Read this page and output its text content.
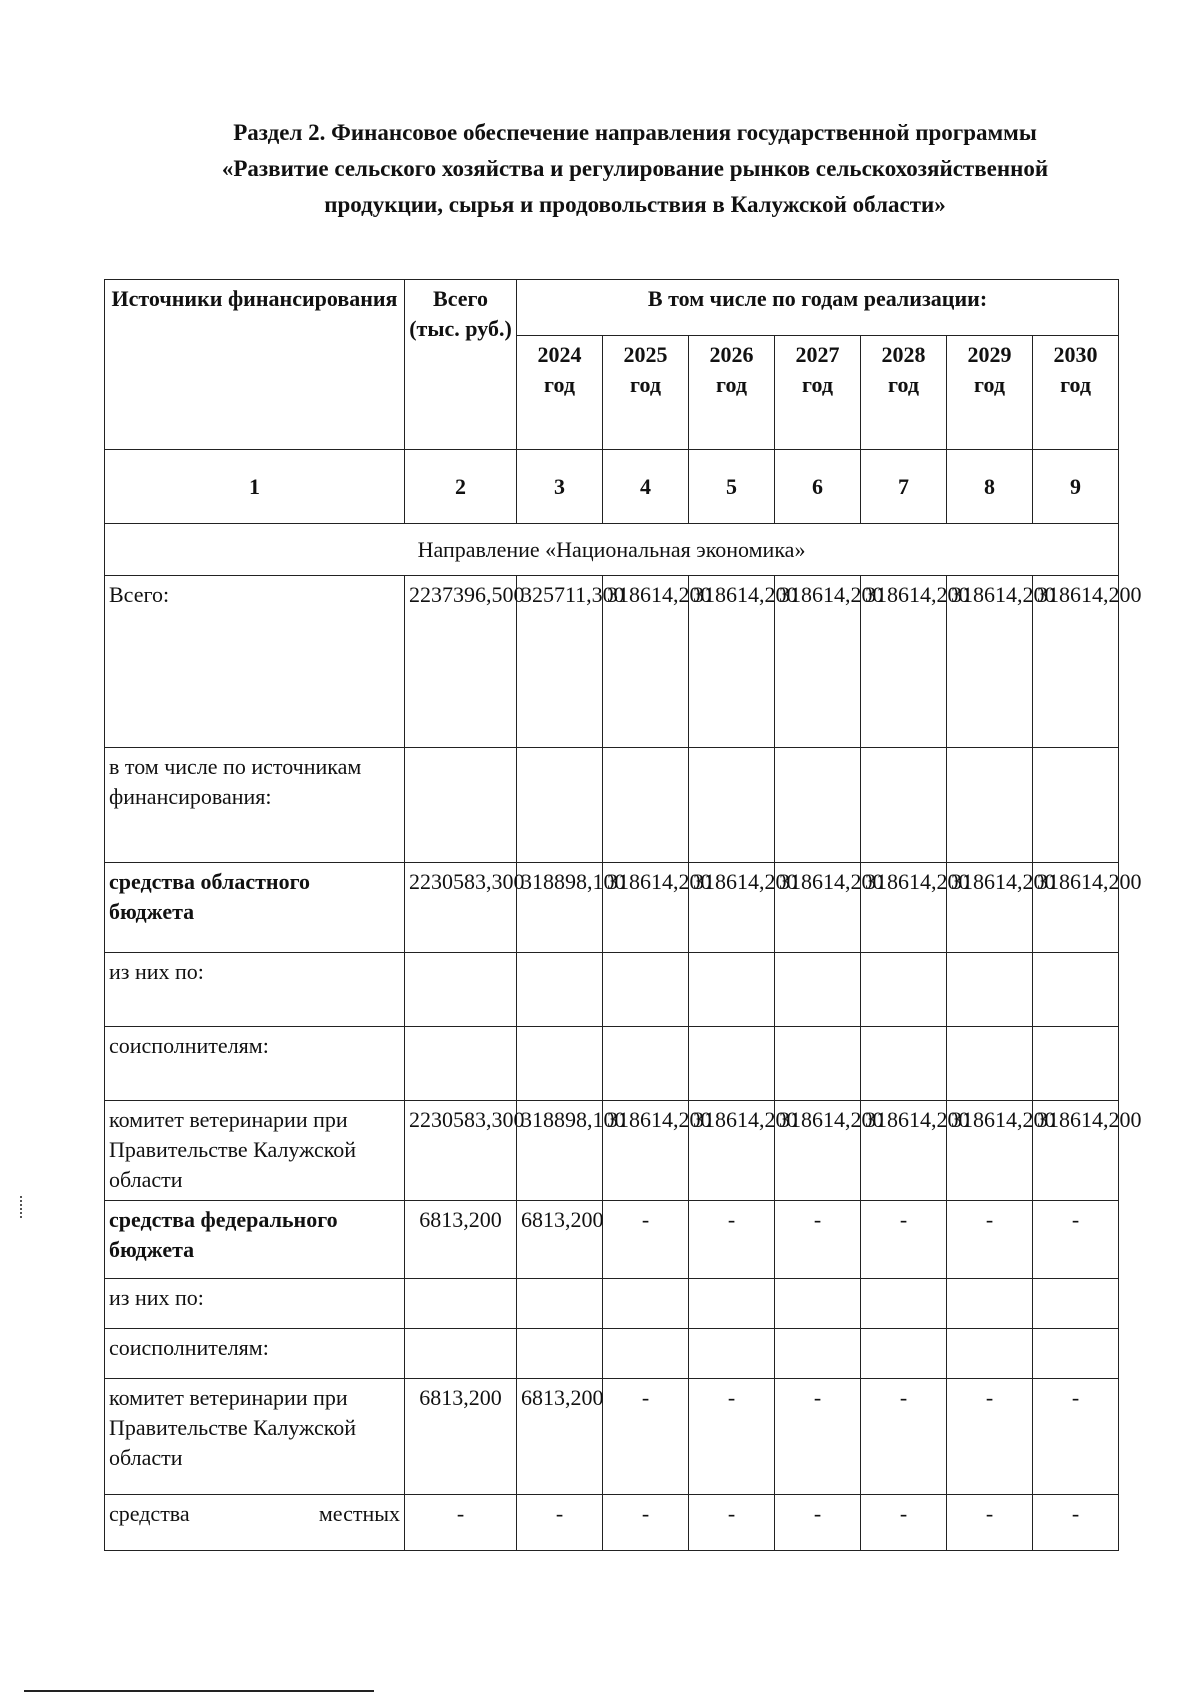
Раздел 2. Финансовое обеспечение направления государственной программы
«Развитие сельского хозяйства и регулирование рынков сельскохозяйственной
продукции, сырья и продовольствия в Калужской области»
Источники финансирования	Всего (тыс. руб.)	В том числе по годам реализации:						
		2024 год	2025 год	2026 год	2027 год	2028 год	2029 год	2030 год
1	2	3	4	5	6	7	8	9
Направление «Национальная экономика»								
Всего:	2237396,500	325711,300	318614,200	318614,200	318614,200	318614,200	318614,200	318614,200
в том числе по источникам финансирования:								
средства областного бюджета	2230583,300	318898,100	318614,200	318614,200	318614,200	318614,200	318614,200	318614,200
из них по:								
соисполнителям:								
комитет ветеринарии при Правительстве Калужской области	2230583,300	318898,100	318614,200	318614,200	318614,200	318614,200	318614,200	318614,200
средства федерального бюджета	6813,200	6813,200	-	-	-	-	-	-
из них по:								
соисполнителям:								
комитет ветеринарии при Правительстве Калужской области	6813,200	6813,200	-	-	-	-	-	-

средства местных	-	-	-	-	-	-	-	-
